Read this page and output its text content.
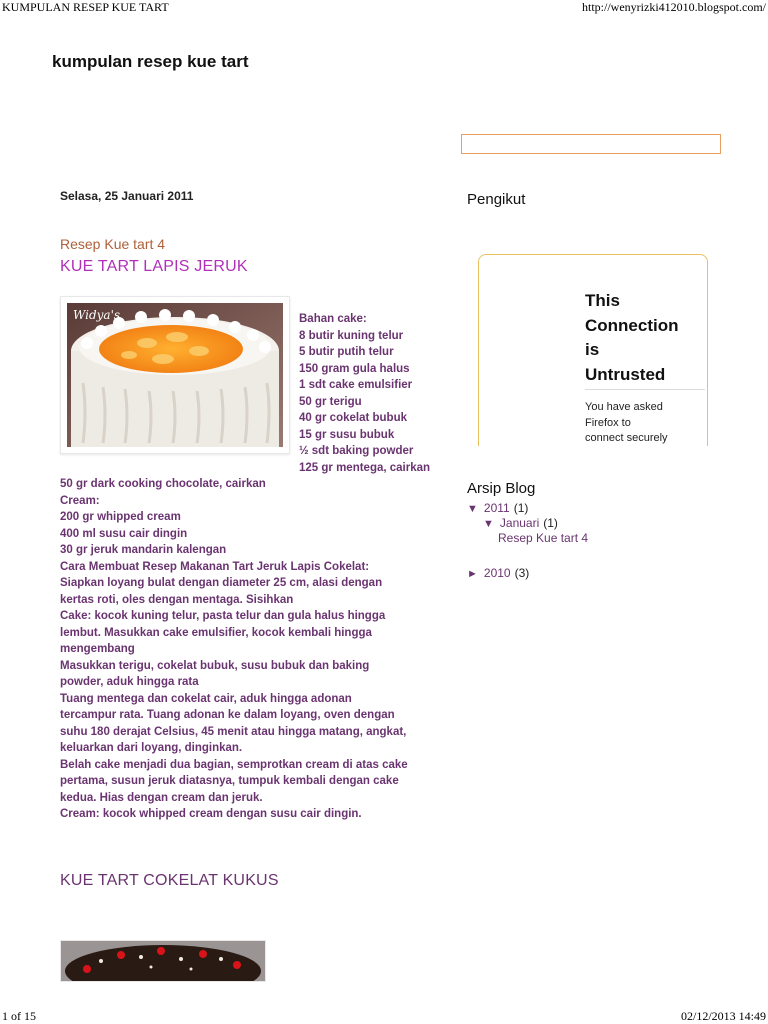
KUMPULAN RESEP KUE TART	http://wenyrizki412010.blogspot.com/
kumpulan resep kue tart
Selasa, 25 Januari 2011
Resep Kue tart 4
KUE TART LAPIS JERUK
Widya's	Bahan cake:
8 butir kuning telur
5 butir putih telur
150 gram gula halus
1 sdt cake emulsifier
50 gr terigu
40 gr cokelat bubuk
15 gr susu bubuk
½ sdt baking powder
125 gr mentega, cairkan
50 gr dark cooking chocolate, cairkan
Cream:
200 gr whipped cream
400 ml susu cair dingin
30 gr jeruk mandarin kalengan
Cara Membuat Resep Makanan Tart Jeruk Lapis Cokelat:
Siapkan loyang bulat dengan diameter 25 cm, alasi dengan
kertas roti, oles dengan mentaga. Sisihkan
Cake: kocok kuning telur, pasta telur dan gula halus hingga
lembut. Masukkan cake emulsifier, kocok kembali hingga
mengembang
Masukkan terigu, cokelat bubuk, susu bubuk dan baking
powder, aduk hingga rata
Tuang mentega dan cokelat cair, aduk hingga adonan
tercampur rata. Tuang adonan ke dalam loyang, oven dengan
suhu 180 derajat Celsius, 45 menit atau hingga matang, angkat,
keluarkan dari loyang, dinginkan.
Belah cake menjadi dua bagian, semprotkan cream di atas cake
pertama, susun jeruk diatasnya, tumpuk kembali dengan cake
kedua. Hias dengan cream dan jeruk.
Cream: kocok whipped cream dengan susu cair dingin.
KUE TART COKELAT KUKUS
Pengikut
This
Connection
is
Untrusted
You have asked
Firefox to
connect securely
Arsip Blog
▼ 2011 (1)
▼ Januari (1)
Resep Kue tart 4
► 2010 (3)
1 of 15	02/12/2013 14:49
